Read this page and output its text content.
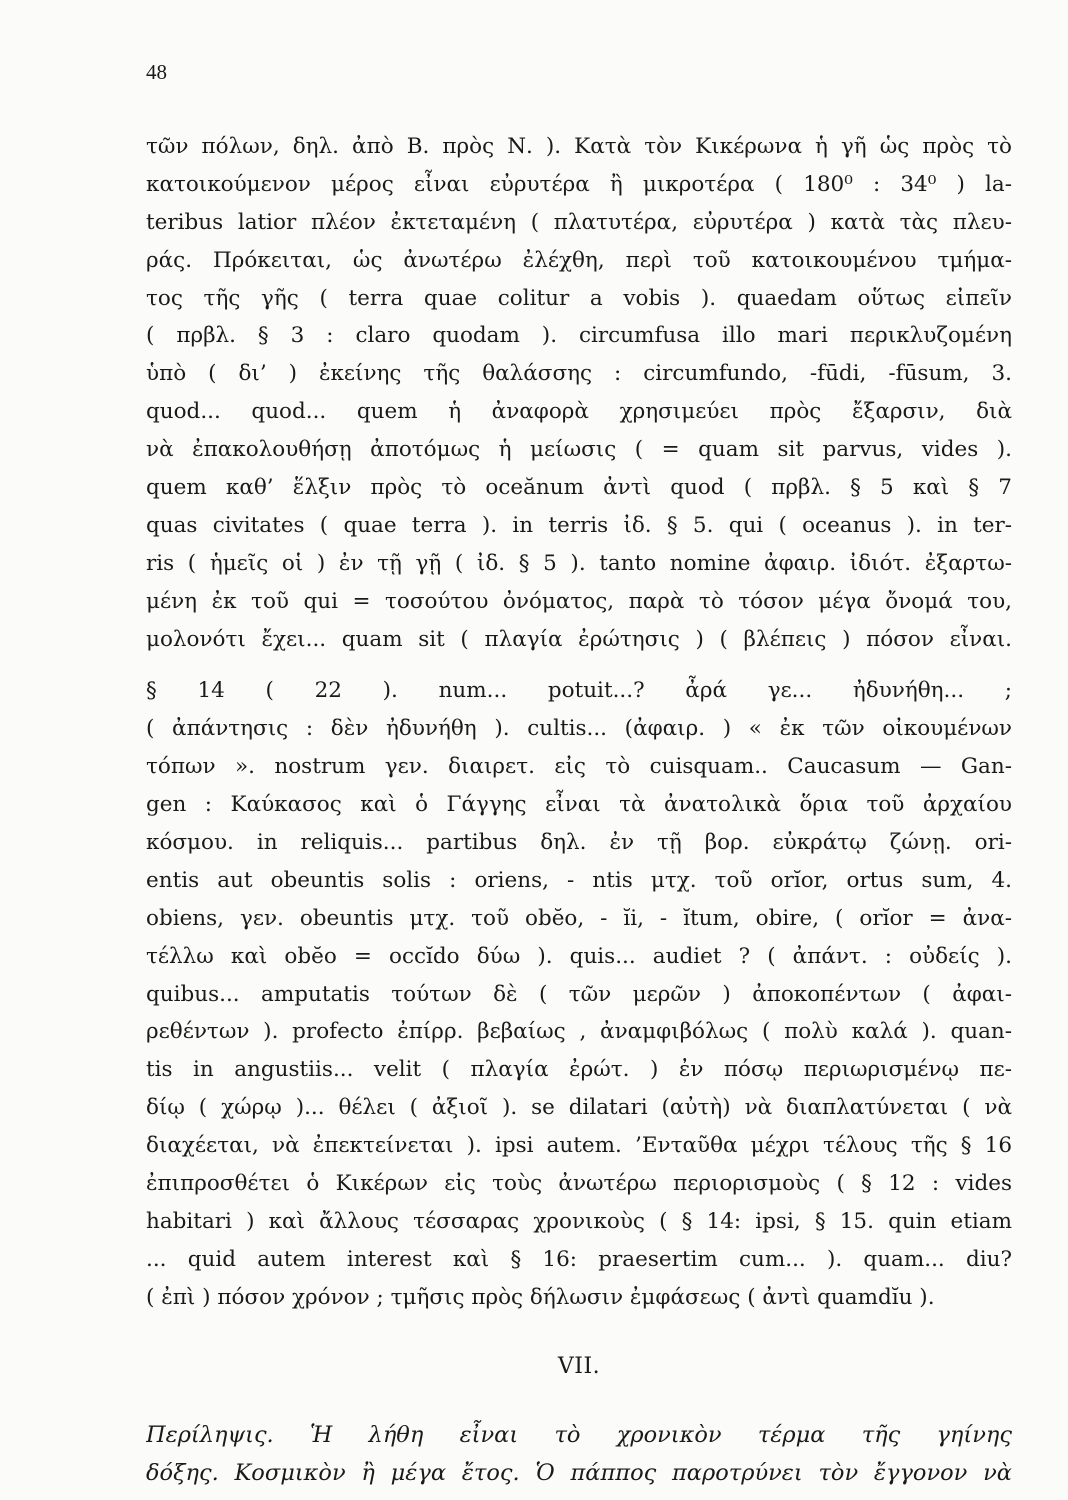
48
τῶν πόλων, δηλ. ἀπὸ Β. πρὸς Ν. ). Κατὰ τὸν Κικέρωνα ἡ γῆ ὡς πρὸς τὸ
κατοικούμενον μέρος εἶναι εὐρυτέρα ἢ μικροτέρα ( 180⁰ : 34⁰ ) la-
teribus latior πλέον ἐκτεταμένη ( πλατυτέρα, εὐρυτέρα ) κατὰ τὰς πλευ-
ράς. Πρόκειται, ὡς ἀνωτέρω ἐλέχθη, περὶ τοῦ κατοικουμένου τμήμα-
τος τῆς γῆς ( terra quae colitur a vobis ). quaedam οὕτως εἰπεῖν
( πρβλ. § 3 : claro quodam ). circumfusa illo mari περικλυζομένη
ὑπὸ ( δι’ ) ἐκείνης τῆς θαλάσσης : circumfundo, -fūdi, -fūsum, 3.
quod... quod... quem ἡ ἀναφορὰ χρησιμεύει πρὸς ἔξαρσιν, διὰ
νὰ ἐπακολουθήσῃ ἀποτόμως ἡ μείωσις ( = quam sit parvus, vides ).
quem καθ’ ἕλξιν πρὸς τὸ oceănum ἀντὶ quod ( πρβλ. § 5 καὶ § 7
quas civitates ( quae terra ). in terris ἰδ. § 5. qui ( oceanus ). in ter-
ris ( ἡμεῖς οἱ ) ἐν τῇ γῇ ( ἰδ. § 5 ). tanto nomine ἀφαιρ. ἰδιότ. ἐξαρτω-
μένη ἐκ τοῦ qui = τοσούτου ὀνόματος, παρὰ τὸ τόσον μέγα ὄνομά του,
μολονότι ἔχει... quam sit ( πλαγία ἐρώτησις ) ( βλέπεις ) πόσον εἶναι.
§ 14 ( 22 ). num... potuit...? ἆρά γε... ἠδυνήθη... ;
( ἀπάντησις : δὲν ἠδυνήθη ). cultis... (ἀφαιρ. ) « ἐκ τῶν οἰκουμένων
τόπων ». nostrum γεν. διαιρετ. εἰς τὸ cuisquam.. Caucasum — Gan-
gen : Καύκασος καὶ ὁ Γάγγης εἶναι τὰ ἀνατολικὰ ὅρια τοῦ ἀρχαίου
κόσμου. in reliquis... partibus δηλ. ἐν τῇ βορ. εὐκράτῳ ζώνῃ. ori-
entis aut obeuntis solis : oriens, - ntis μτχ. τοῦ orĭor, ortus sum, 4.
obiens, γεν. obeuntis μτχ. τοῦ obĕo, - ĭi, - ĭtum, obire, ( orĭor = ἀνα-
τέλλω καὶ obĕo = occĭdo δύω ). quis... audiet ? ( ἀπάντ. : οὐδείς ).
quibus... amputatis τούτων δὲ ( τῶν μερῶν ) ἀποκοπέντων ( ἀφαι-
ρεθέντων ). profecto ἐπίρρ. βεβαίως , ἀναμφιβόλως ( πολὺ καλά ). quan-
tis in angustiis... velit ( πλαγία ἐρώτ. ) ἐν πόσῳ περιωρισμένῳ πε-
δίῳ ( χώρῳ )... θέλει ( ἀξιοῖ ). se dilatari (αὐτὴ) νὰ διαπλατύνεται ( νὰ
διαχέεται, νὰ ἐπεκτείνεται ). ipsi autem. ’Ενταῦθα μέχρι τέλους τῆς § 16
ἐπιπροσθέτει ὁ Κικέρων εἰς τοὺς ἀνωτέρω περιορισμοὺς ( § 12 : vides
habitari ) καὶ ἄλλους τέσσαρας χρονικοὺς ( § 14: ipsi, § 15. quin etiam
... quid autem interest καὶ § 16: praesertim cum... ). quam... diu?
( ἐπὶ ) πόσον χρόνον ; τμῆσις πρὸς δήλωσιν ἐμφάσεως ( ἀντὶ quamdĭu ).
VII.
Περίληψις. Ἡ λήθη εἶναι τὸ χρονικὸν τέρμα τῆς γηίνης
δόξης. Κοσμικὸν ἢ μέγα ἔτος. Ὁ πάππος παροτρύνει τὸν ἔγγονον νὰ
